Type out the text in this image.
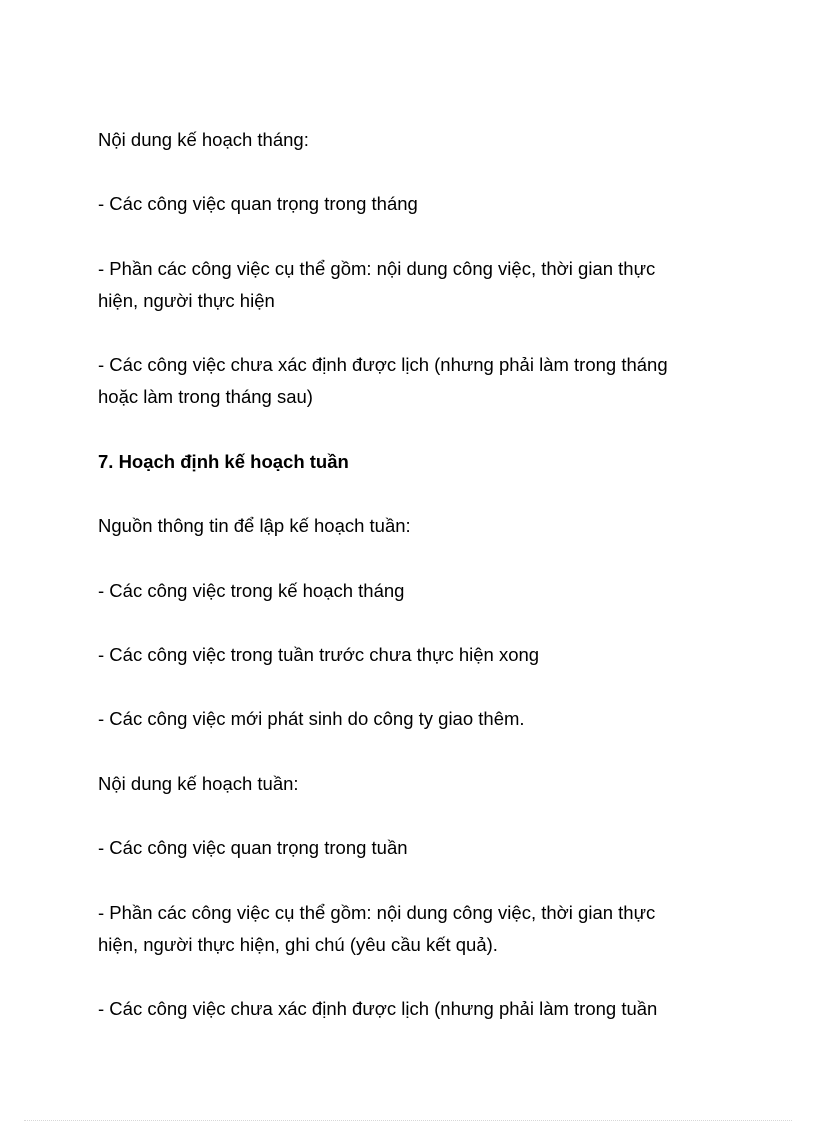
Nội dung kế hoạch tháng:
- Các công việc quan trọng trong tháng
- Phần các công việc cụ thể gồm: nội dung công việc, thời gian thực
hiện, người thực hiện
- Các công việc chưa xác định được lịch (nhưng phải làm trong tháng
hoặc làm trong tháng sau)
7. Hoạch định kế hoạch tuần
Nguồn thông tin để lập kế hoạch tuần:
- Các công việc trong kế hoạch tháng
- Các công việc trong tuần trước chưa thực hiện xong
- Các công việc mới phát sinh do công ty giao thêm.
Nội dung kế hoạch tuần:
- Các công việc quan trọng trong tuần
- Phần các công việc cụ thể gồm: nội dung công việc, thời gian thực
hiện, người thực hiện, ghi chú (yêu cầu kết quả).
- Các công việc chưa xác định được lịch (nhưng phải làm trong tuần
